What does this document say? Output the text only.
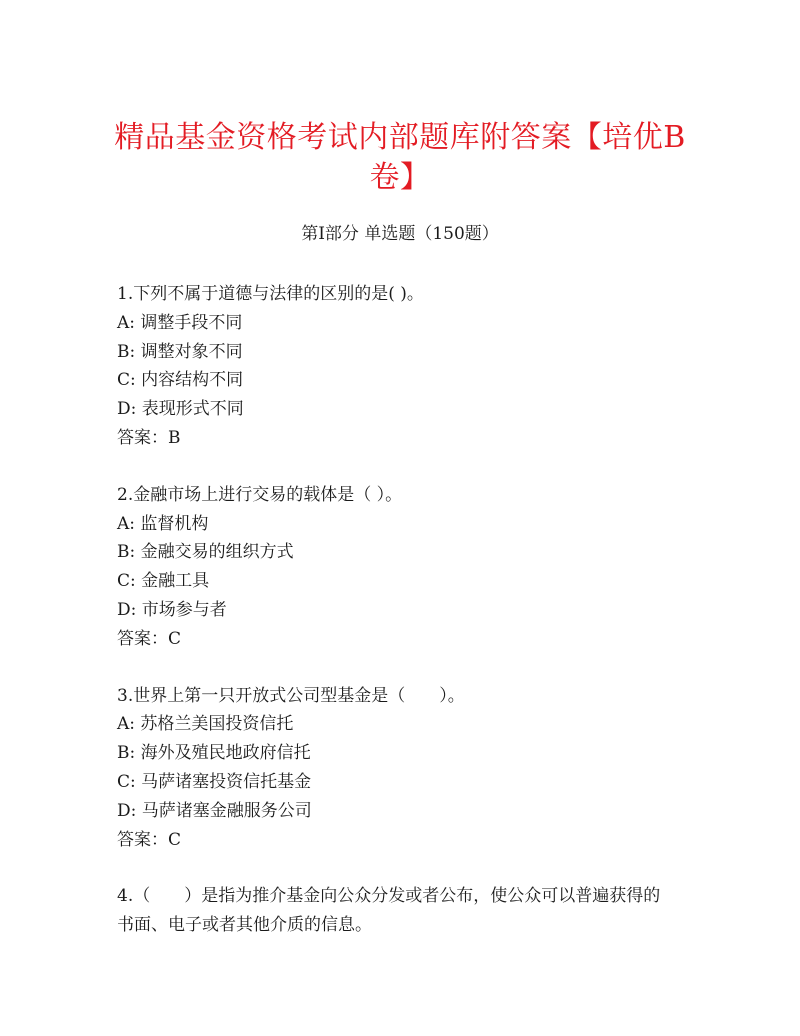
精品基金资格考试内部题库附答案【培优B
卷】
第I部分 单选题（150题）
1.下列不属于道德与法律的区别的是( )。
A: 调整手段不同
B: 调整对象不同
C: 内容结构不同
D: 表现形式不同
答案：B
2.金融市场上进行交易的载体是（ ）。
A: 监督机构
B: 金融交易的组织方式
C: 金融工具
D: 市场参与者
答案：C
3.世界上第一只开放式公司型基金是（　　）。
A: 苏格兰美国投资信托
B: 海外及殖民地政府信托
C: 马萨诸塞投资信托基金
D: 马萨诸塞金融服务公司
答案：C
4.（　　）是指为推介基金向公众分发或者公布，使公众可以普遍获得的书面、电子或者其他介质的信息。
